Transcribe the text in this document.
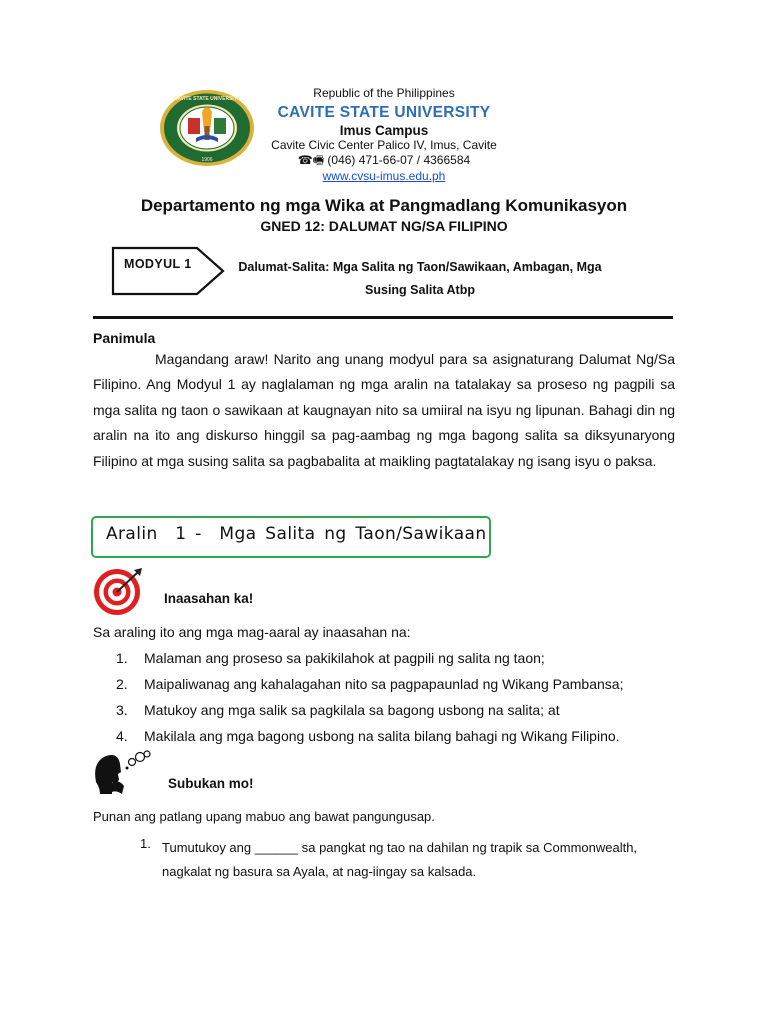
CAVITE STATE UNIVERSITY
1906
Republic of the Philippines
CAVITE STATE UNIVERSITY
Imus Campus
Cavite Civic Center Palico IV, Imus, Cavite
☎🖷 (046) 471-66-07 / 4366584
www.cvsu-imus.edu.ph
Departamento ng mga Wika at Pangmadlang Komunikasyon
GNED 12: DALUMAT NG/SA FILIPINO
MODYUL 1	Dalumat-Salita: Mga Salita ng Taon/Sawikaan, Ambagan, Mga
Susing Salita Atbp
Panimula
Magandang araw! Narito ang unang modyul para sa asignaturang Dalumat Ng/Sa Filipino. Ang Modyul 1 ay naglalaman ng mga aralin na tatalakay sa proseso ng pagpili sa mga salita ng taon o sawikaan at kaugnayan nito sa umiiral na isyu ng lipunan. Bahagi din ng aralin na ito ang diskurso hinggil sa pag-aambag ng mga bagong salita sa diksyunaryong Filipino at mga susing salita sa pagbabalita at maikling pagtatalakay ng isang isyu o paksa.
Aralin  1 -  Mga Salita ng Taon/Sawikaan
Inaasahan ka!
Sa araling ito ang mga mag-aaral ay inaasahan na:
1.	Malaman ang proseso sa pakikilahok at pagpili ng salita ng taon;
2.	Maipaliwanag ang kahalagahan nito sa pagpapaunlad ng Wikang Pambansa;
3.	Matukoy ang mga salik sa pagkilala sa bagong usbong na salita; at
4.	Makilala ang mga bagong usbong na salita bilang bahagi ng Wikang Filipino.
Subukan mo!
Punan ang patlang upang mabuo ang bawat pangungusap.
1. Tumutukoy ang ______ sa pangkat ng tao na dahilan ng trapik sa Commonwealth, nagkalat ng basura sa Ayala, at nag-iingay sa kalsada.
